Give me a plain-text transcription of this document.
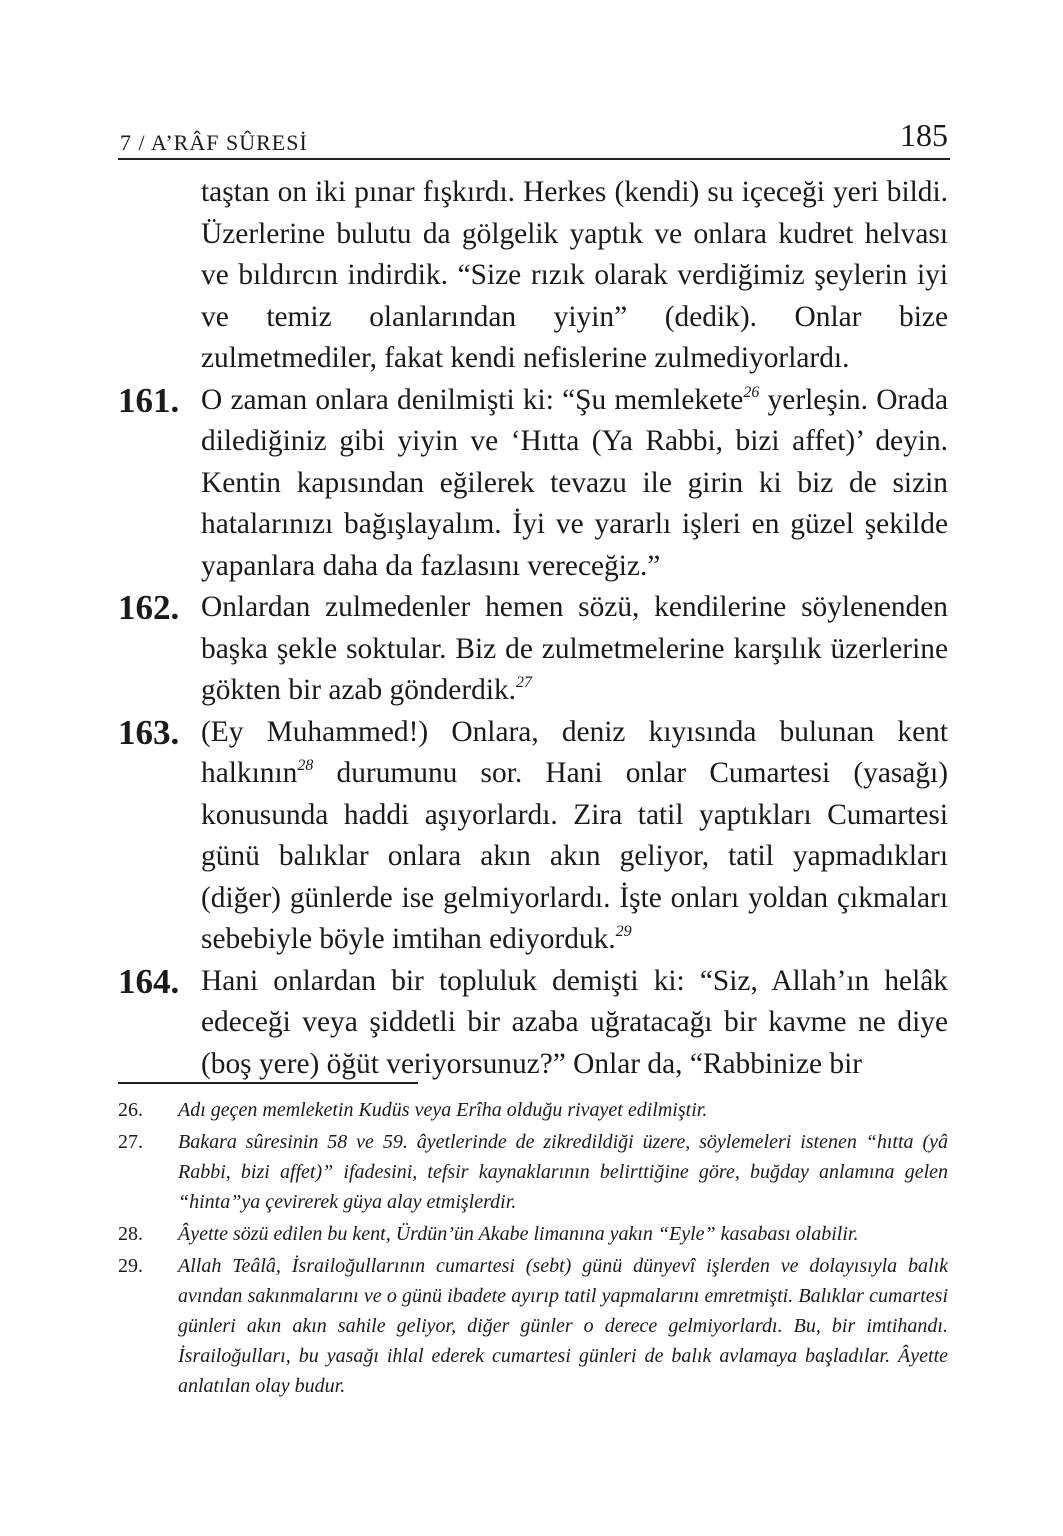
7 / A’RÂF SÛRESİ	185
taştan on iki pınar fışkırdı. Herkes (kendi) su içeceği yeri bildi. Üzerlerine bulutu da gölgelik yaptık ve onlara kudret helvası ve bıldırcın indirdik. “Size rızık olarak verdiğimiz şeylerin iyi ve temiz olanlarından yiyin” (dedik). Onlar bize zulmetmediler, fakat kendi nefislerine zulmediyorlardı.
161. O zaman onlara denilmişti ki: “Şu memlekete$^{26}$ yerleşin. Orada dilediğiniz gibi yiyin ve ‘Hıtta (Ya Rabbi, bizi affet)’ deyin. Kentin kapısından eğilerek tevazu ile girin ki biz de sizin hatalarınızı bağışlayalım. İyi ve yararlı işleri en güzel şekilde yapanlara daha da fazlasını vereceğiz.”
162. Onlardan zulmedenler hemen sözü, kendilerine söylenenden başka şekle soktular. Biz de zulmetmelerine karşılık üzerlerine gökten bir azab gönderdik.$^{27}$
163. (Ey Muhammed!) Onlara, deniz kıyısında bulunan kent halkının$^{28}$ durumunu sor. Hani onlar Cumartesi (yasağı) konusunda haddi aşıyorlardı. Zira tatil yaptıkları Cumartesi günü balıklar onlara akın akın geliyor, tatil yapmadıkları (diğer) günlerde ise gelmiyorlardı. İşte onları yoldan çıkmaları sebebiyle böyle imtihan ediyorduk.$^{29}$
164. Hani onlardan bir topluluk demişti ki: “Siz, Allah’ın helâk edeceği veya şiddetli bir azaba uğratacağı bir kavme ne diye (boş yere) öğüt veriyorsunuz?” Onlar da, “Rabbinize bir
26. Adı geçen memleketin Kudüs veya Erîha olduğu rivayet edilmiştir.
27. Bakara sûresinin 58 ve 59. âyetlerinde de zikredildiği üzere, söylemeleri istenen “hıtta (yâ Rabbi, bizi affet)” ifadesini, tefsir kaynaklarının belirttiğine göre, buğday anlamına gelen “hinta”ya çevirerek güya alay etmişlerdir.
28. Âyette sözü edilen bu kent, Ürdün’ün Akabe limanına yakın “Eyle” kasabası olabilir.
29. Allah Teâlâ, İsrailoğullarının cumartesi (sebt) günü dünyevî işlerden ve dolayısıyla balık avından sakınmalarını ve o günü ibadete ayırıp tatil yapmalarını emretmişti. Balıklar cumartesi günleri akın akın sahile geliyor, diğer günler o derece gelmiyorlardı. Bu, bir imtihandı. İsrailoğulları, bu yasağı ihlal ederek cumartesi günleri de balık avlamaya başladılar. Âyette anlatılan olay budur.
